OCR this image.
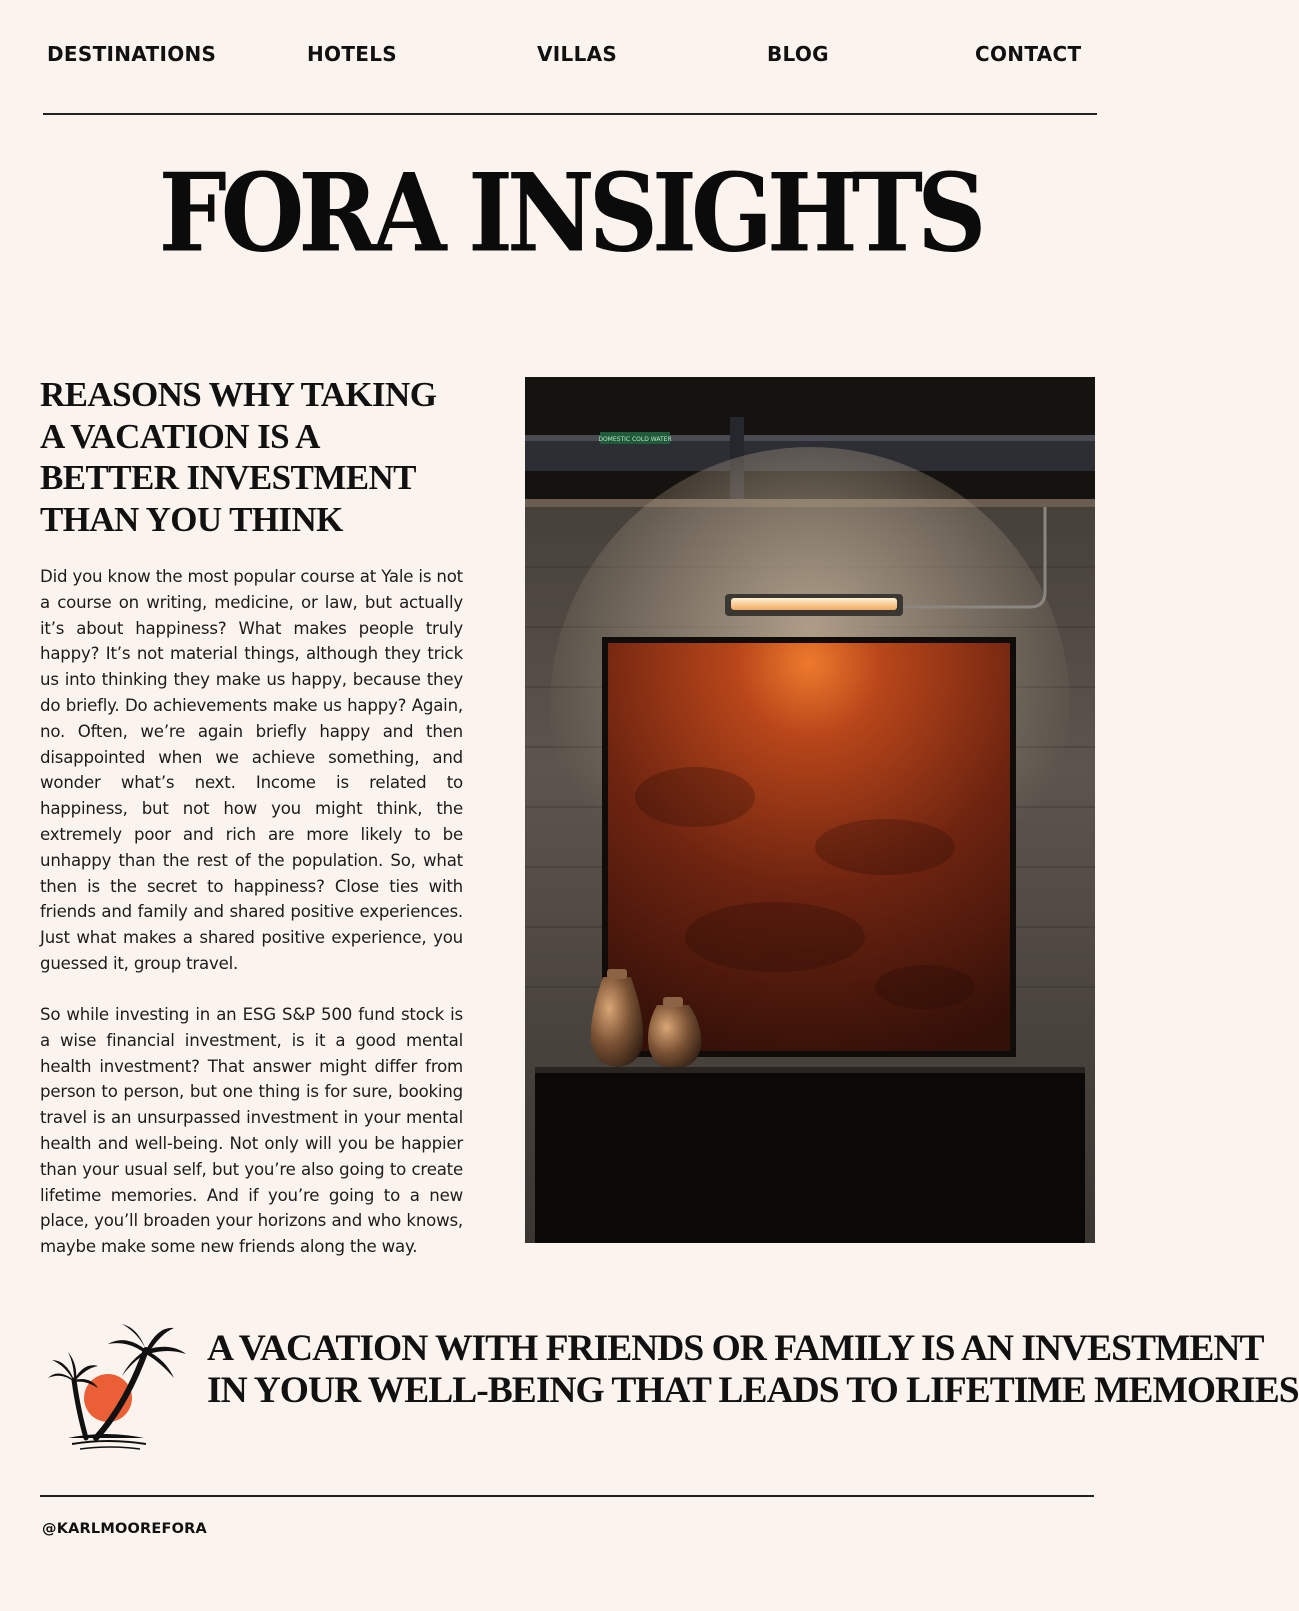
DESTINATIONS	HOTELS	VILLAS	BLOG	CONTACT
FORA INSIGHTS
REASONS WHY TAKING A VACATION IS A BETTER INVESTMENT THAN YOU THINK

Did you know the most popular course at Yale is not a course on writing, medicine, or law, but actually it’s about happiness? What makes people truly happy? It’s not material things, although they trick us into thinking they make us happy, because they do briefly. Do achievements make us happy? Again, no. Often, we’re again briefly happy and then disappointed when we achieve something, and wonder what’s next. Income is related to happiness, but not how you might think, the extremely poor and rich are more likely to be unhappy than the rest of the population. So, what then is the secret to happiness? Close ties with friends and family and shared positive experiences. Just what makes a shared positive experience, you guessed it, group travel.

So while investing in an ESG S&P 500 fund stock is a wise financial investment, is it a good mental health investment? That answer might differ from person to person, but one thing is for sure, booking travel is an unsurpassed investment in your mental health and well-being. Not only will you be happier than your usual self, but you’re also going to create lifetime memories. And if you’re going to a new place, you’ll broaden your horizons and who knows, maybe make some new friends along the way.

DOMESTIC COLD WATER
A VACATION WITH FRIENDS OR FAMILY IS AN INVESTMENT
IN YOUR WELL-BEING THAT LEADS TO LIFETIME MEMORIES
@KARLMOOREFORA
